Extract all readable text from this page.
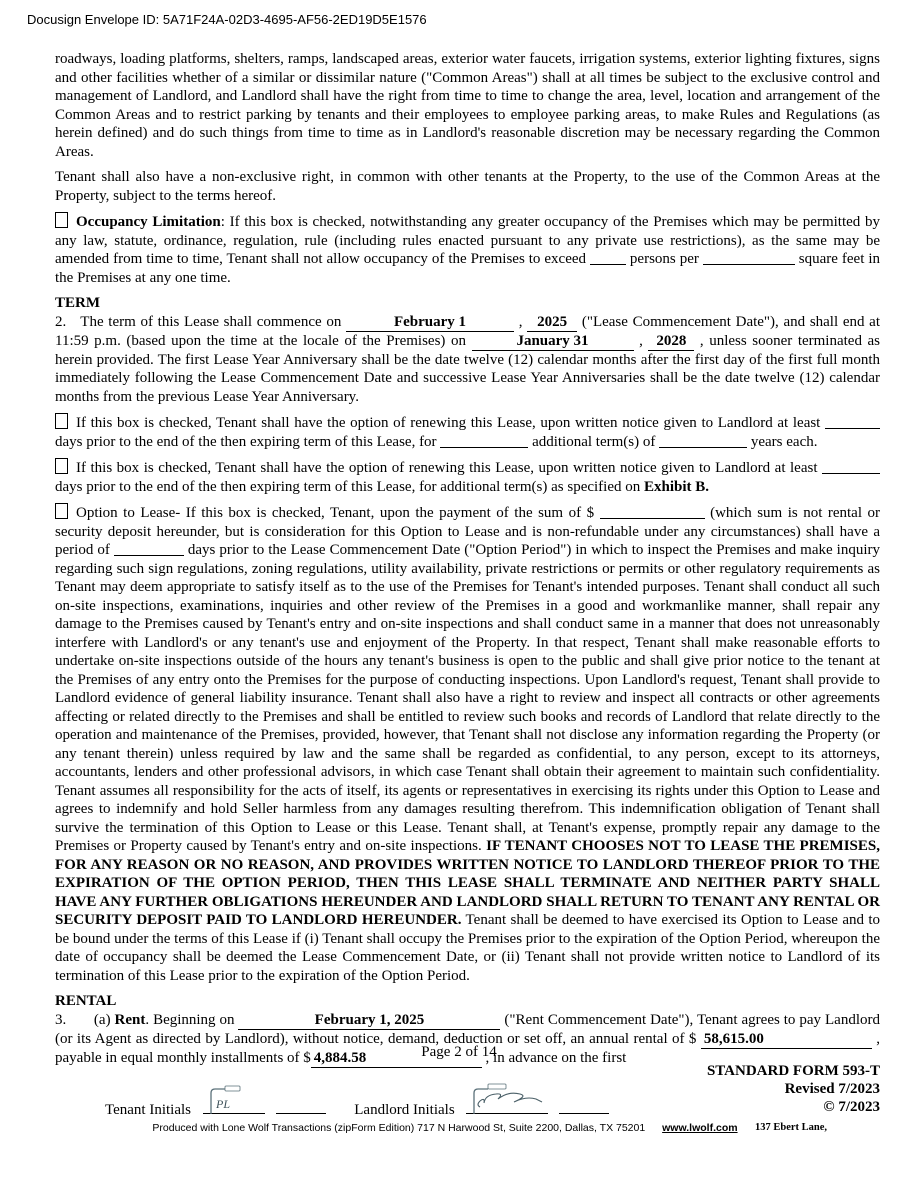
Docusign Envelope ID: 5A71F24A-02D3-4695-AF56-2ED19D5E1576
roadways, loading platforms, shelters, ramps, landscaped areas, exterior water faucets, irrigation systems, exterior lighting fixtures, signs and other facilities whether of a similar or dissimilar nature ("Common Areas") shall at all times be subject to the exclusive control and management of Landlord, and Landlord shall have the right from time to time to change the area, level, location and arrangement of the Common Areas and to restrict parking by tenants and their employees to employee parking areas, to make Rules and Regulations (as herein defined) and do such things from time to time as in Landlord's reasonable discretion may be necessary regarding the Common Areas.
Tenant shall also have a non-exclusive right, in common with other tenants at the Property, to the use of the Common Areas at the Property, subject to the terms hereof.
Occupancy Limitation: If this box is checked, notwithstanding any greater occupancy of the Premises which may be permitted by any law, statute, ordinance, regulation, rule (including rules enacted pursuant to any private use restrictions), as the same may be amended from time to time, Tenant shall not allow occupancy of the Premises to exceed   persons per	square feet in the Premises at any one time.
TERM
2.   The term of this Lease shall commence on	February 1	, 2025 ("Lease Commencement Date"), and shall end at 11:59 p.m. (based upon the time at the locale of the Premises) on	January 31	, 2028 , unless sooner terminated as herein provided. The first Lease Year Anniversary shall be the date twelve (12) calendar months after the first day of the first full month immediately following the Lease Commencement Date and successive Lease Year Anniversaries shall be the date twelve (12) calendar months from the previous Lease Year Anniversary.
If this box is checked, Tenant shall have the option of renewing this Lease, upon written notice given to Landlord at least   days prior to the end of the then expiring term of this Lease, for	additional term(s) of	years each.
If this box is checked, Tenant shall have the option of renewing this Lease, upon written notice given to Landlord at least   days prior to the end of the then expiring term of this Lease, for additional term(s) as specified on Exhibit B.
Option to Lease- If this box is checked, Tenant, upon the payment of the sum of $	(which sum is not rental or security deposit hereunder, but is consideration for this Option to Lease and is non-refundable under any circumstances) shall have a period of	days prior to the Lease Commencement Date ("Option Period") in which to inspect the Premises and make inquiry regarding such sign regulations, zoning regulations, utility availability, private restrictions or permits or other regulatory requirements as Tenant may deem appropriate to satisfy itself as to the use of the Premises for Tenant's intended purposes. Tenant shall conduct all such on-site inspections, examinations, inquiries and other review of the Premises in a good and workmanlike manner, shall repair any damage to the Premises caused by Tenant's entry and on-site inspections and shall conduct same in a manner that does not unreasonably interfere with Landlord's or any tenant's use and enjoyment of the Property. In that respect, Tenant shall make reasonable efforts to undertake on-site inspections outside of the hours any tenant's business is open to the public and shall give prior notice to the tenant at the Premises of any entry onto the Premises for the purpose of conducting inspections. Upon Landlord's request, Tenant shall provide to Landlord evidence of general liability insurance. Tenant shall also have a right to review and inspect all contracts or other agreements affecting or related directly to the Premises and shall be entitled to review such books and records of Landlord that relate directly to the operation and maintenance of the Premises, provided, however, that Tenant shall not disclose any information regarding the Property (or any tenant therein) unless required by law and the same shall be regarded as confidential, to any person, except to its attorneys, accountants, lenders and other professional advisors, in which case Tenant shall obtain their agreement to maintain such confidentiality. Tenant assumes all responsibility for the acts of itself, its agents or representatives in exercising its rights under this Option to Lease and agrees to indemnify and hold Seller harmless from any damages resulting therefrom. This indemnification obligation of Tenant shall survive the termination of this Option to Lease or this Lease. Tenant shall, at Tenant's expense, promptly repair any damage to the Premises or Property caused by Tenant's entry and on-site inspections. IF TENANT CHOOSES NOT TO LEASE THE PREMISES, FOR ANY REASON OR NO REASON, AND PROVIDES WRITTEN NOTICE TO LANDLORD THEREOF PRIOR TO THE EXPIRATION OF THE OPTION PERIOD, THEN THIS LEASE SHALL TERMINATE AND NEITHER PARTY SHALL HAVE ANY FURTHER OBLIGATIONS HEREUNDER AND LANDLORD SHALL RETURN TO TENANT ANY RENTAL OR SECURITY DEPOSIT PAID TO LANDLORD HEREUNDER. Tenant shall be deemed to have exercised its Option to Lease and to be bound under the terms of this Lease if (i) Tenant shall occupy the Premises prior to the expiration of the Option Period, whereupon the date of occupancy shall be deemed the Lease Commencement Date, or (ii) Tenant shall not provide written notice to Landlord of its termination of this Lease prior to the expiration of the Option Period.
RENTAL
3.       (a) Rent. Beginning on	February 1, 2025	("Rent Commencement Date"), Tenant agrees to pay Landlord (or its Agent as directed by Landlord), without notice, demand, deduction or set off, an annual rental of $ 58,615.00	, payable in equal monthly installments of $ 4,884.58	, in advance on the first
Page 2 of 14
STANDARD FORM 593-T
Revised 7/2023
© 7/2023
Tenant Initials PL	Landlord Initials

Produced with Lone Wolf Transactions (zipForm Edition) 717 N Harwood St, Suite 2200, Dallas, TX 75201 www.lwolf.com	137 Ebert Lane,
